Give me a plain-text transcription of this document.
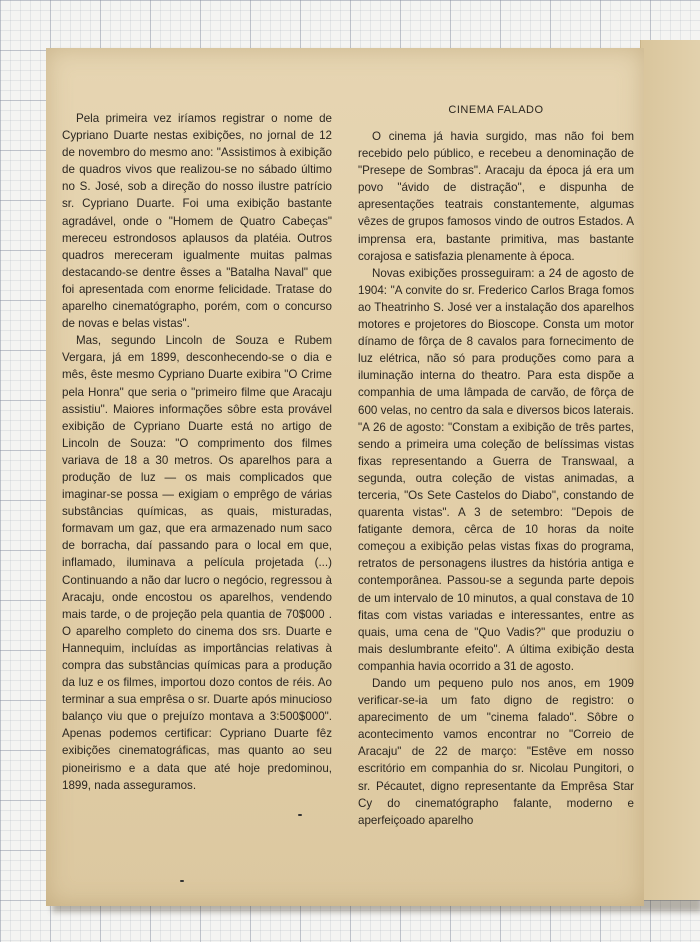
Pela primeira vez iríamos registrar o nome de Cypriano Duarte nestas exibições, no jornal de 12 de novembro do mesmo ano: "Assistimos à exibição de quadros vivos que realizou-se no sábado último no S. José, sob a direção do nosso ilustre patrício sr. Cypriano Duarte. Foi uma exibição bastante agradável, onde o "Homem de Quatro Cabeças" mereceu estrondosos aplausos da platéia. Outros quadros mereceram igualmente muitas palmas destacando-se dentre êsses a "Batalha Naval" que foi apresentada com enorme felicidade. Tratase do aparelho cinematógrapho, porém, com o concurso de novas e belas vistas".

Mas, segundo Lincoln de Souza e Rubem Vergara, já em 1899, desconhecendo-se o dia e mês, êste mesmo Cypriano Duarte exibira "O Crime pela Honra" que seria o "primeiro filme que Aracaju assistiu". Maiores informações sôbre esta provável exibição de Cypriano Duarte está no artigo de Lincoln de Souza: "O comprimento dos filmes variava de 18 a 30 metros. Os aparelhos para a produção de luz — os mais complicados que imaginar-se possa — exigiam o emprêgo de várias substâncias químicas, as quais, misturadas, formavam um gaz, que era armazenado num saco de borracha, daí passando para o local em que, inflamado, iluminava a película projetada (...) Continuando a não dar lucro o negócio, regressou à Aracaju, onde encostou os aparelhos, vendendo mais tarde, o de projeção pela quantia de 70$000 . O aparelho completo do cinema dos srs. Duarte e Hannequim, incluídas as importâncias relativas à compra das substâncias químicas para a produção da luz e os filmes, importou dozo contos de réis. Ao terminar a sua emprêsa o sr. Duarte após minucioso balanço viu que o prejuízo montava a 3:500$000". Apenas podemos certificar: Cypriano Duarte fêz exibições cinematográficas, mas quanto ao seu pioneirismo e a data que até hoje predominou, 1899, nada asseguramos.

CINEMA FALADO

O cinema já havia surgido, mas não foi bem recebido pelo público, e recebeu a denominação de "Presepe de Sombras". Aracaju da época já era um povo "ávido de distração", e dispunha de apresentações teatrais constantemente, algumas vêzes de grupos famosos vindo de outros Estados. A imprensa era, bastante primitiva, mas bastante corajosa e satisfazia plenamente à época.

Novas exibições prosseguiram: a 24 de agosto de 1904: "A convite do sr. Frederico Carlos Braga fomos ao Theatrinho S. José ver a instalação dos aparelhos motores e projetores do Bioscope. Consta um motor dínamo de fôrça de 8 cavalos para fornecimento de luz elétrica, não só para produções como para a iluminação interna do theatro. Para esta dispõe a companhia de uma lâmpada de carvão, de fôrça de 600 velas, no centro da sala e diversos bicos laterais. "A 26 de agosto: "Constam a exibição de três partes, sendo a primeira uma coleção de belíssimas vistas fixas representando a Guerra de Transwaal, a segunda, outra coleção de vistas animadas, a terceria, "Os Sete Castelos do Diabo", constando de quarenta vistas". A 3 de setembro: "Depois de fatigante demora, cêrca de 10 horas da noite começou a exibição pelas vistas fixas do programa, retratos de personagens ilustres da história antiga e contemporânea. Passou-se a segunda parte depois de um intervalo de 10 minutos, a qual constava de 10 fitas com vistas variadas e interessantes, entre as quais, uma cena de "Quo Vadis?" que produziu o mais deslumbrante efeito". A última exibição desta companhia havia ocorrido a 31 de agosto.

Dando um pequeno pulo nos anos, em 1909 verificar-se-ia um fato digno de registro: o aparecimento de um "cinema falado". Sôbre o acontecimento vamos encontrar no "Correio de Aracaju" de 22 de março: "Estêve em nosso escritório em companhia do sr. Nicolau Pungitori, o sr. Pécautet, digno representante da Emprêsa Star Cy do cinematógrapho falante, moderno e aperfeiçoado aparelho
